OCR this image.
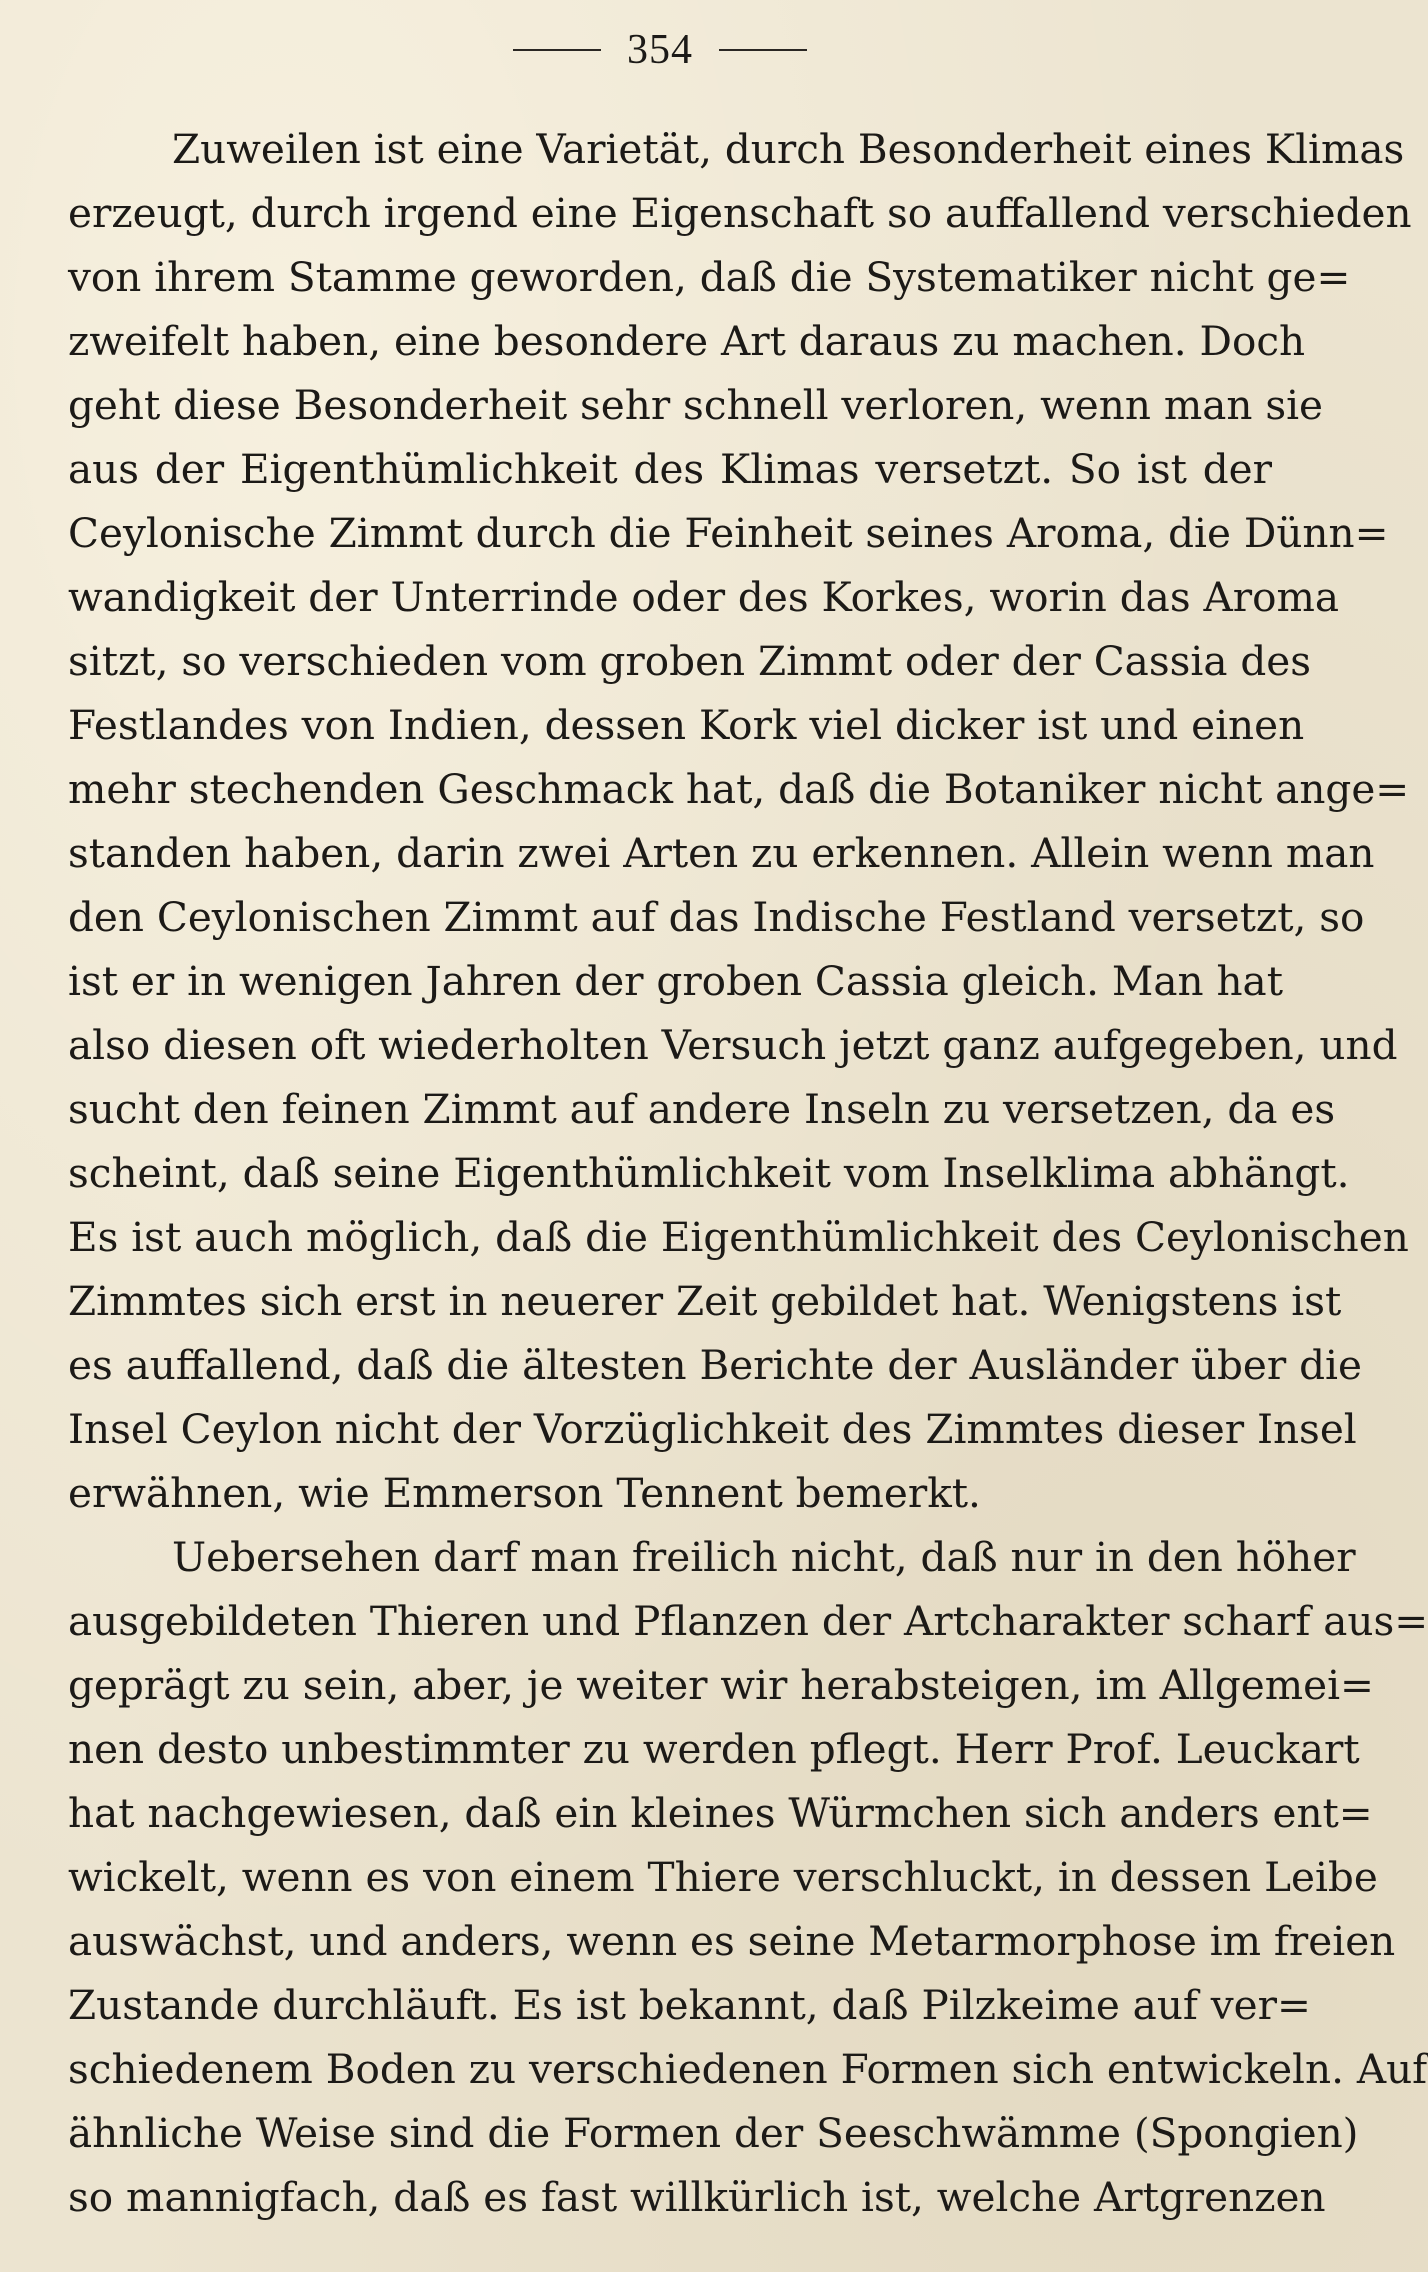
354
Zuweilen ist eine Varietät, durch Besonderheit eines Klimas
erzeugt, durch irgend eine Eigenschaft so auffallend verschieden
von ihrem Stamme geworden, daß die Systematiker nicht ge=
zweifelt haben, eine besondere Art daraus zu machen. Doch
geht diese Besonderheit sehr schnell verloren, wenn man sie
aus der Eigenthümlichkeit des Klimas versetzt. So ist der
Ceylonische Zimmt durch die Feinheit seines Aroma, die Dünn=
wandigkeit der Unterrinde oder des Korkes, worin das Aroma
sitzt, so verschieden vom groben Zimmt oder der Cassia des
Festlandes von Indien, dessen Kork viel dicker ist und einen
mehr stechenden Geschmack hat, daß die Botaniker nicht ange=
standen haben, darin zwei Arten zu erkennen. Allein wenn man
den Ceylonischen Zimmt auf das Indische Festland versetzt, so
ist er in wenigen Jahren der groben Cassia gleich. Man hat
also diesen oft wiederholten Versuch jetzt ganz aufgegeben, und
sucht den feinen Zimmt auf andere Inseln zu versetzen, da es
scheint, daß seine Eigenthümlichkeit vom Inselklima abhängt.
Es ist auch möglich, daß die Eigenthümlichkeit des Ceylonischen
Zimmtes sich erst in neuerer Zeit gebildet hat. Wenigstens ist
es auffallend, daß die ältesten Berichte der Ausländer über die
Insel Ceylon nicht der Vorzüglichkeit des Zimmtes dieser Insel
erwähnen, wie Emmerson Tennent bemerkt.
Uebersehen darf man freilich nicht, daß nur in den höher
ausgebildeten Thieren und Pflanzen der Artcharakter scharf aus=
geprägt zu sein, aber, je weiter wir herabsteigen, im Allgemei=
nen desto unbestimmter zu werden pflegt. Herr Prof. Leuckart
hat nachgewiesen, daß ein kleines Würmchen sich anders ent=
wickelt, wenn es von einem Thiere verschluckt, in dessen Leibe
auswächst, und anders, wenn es seine Metarmorphose im freien
Zustande durchläuft. Es ist bekannt, daß Pilzkeime auf ver=
schiedenem Boden zu verschiedenen Formen sich entwickeln. Auf
ähnliche Weise sind die Formen der Seeschwämme (Spongien)
so mannigfach, daß es fast willkürlich ist, welche Artgrenzen
